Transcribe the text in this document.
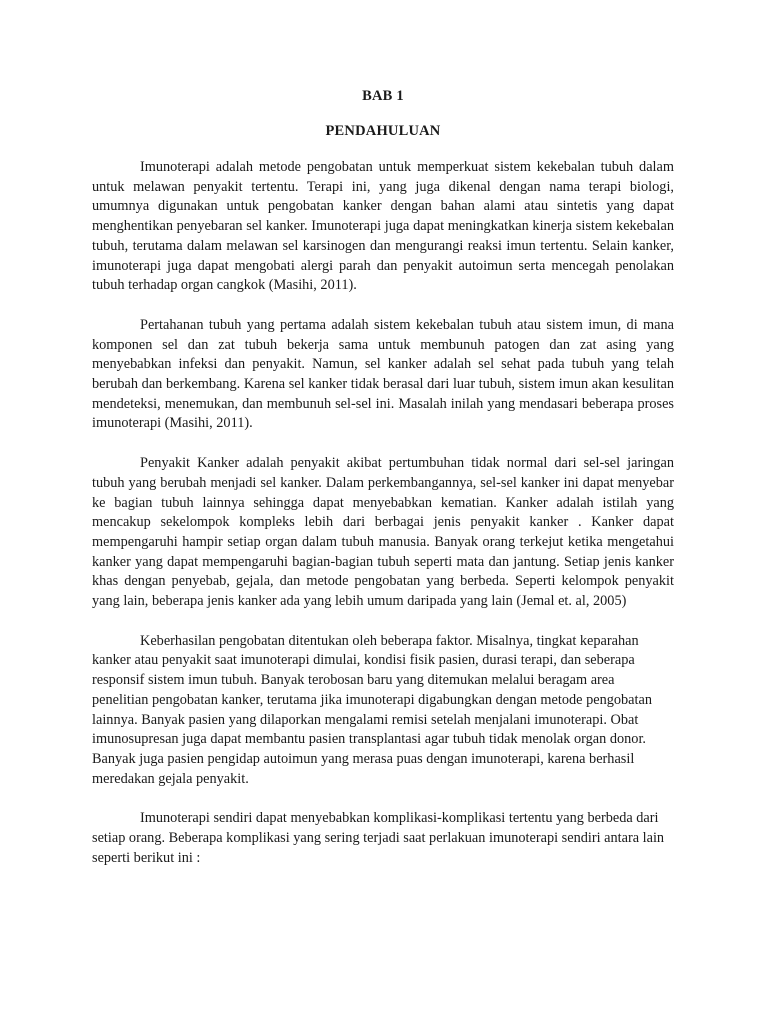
BAB 1
PENDAHULUAN

Imunoterapi adalah metode pengobatan untuk memperkuat sistem kekebalan tubuh dalam untuk melawan penyakit tertentu. Terapi ini, yang juga dikenal dengan nama terapi biologi, umumnya digunakan untuk pengobatan kanker dengan bahan alami atau sintetis yang dapat menghentikan penyebaran sel kanker. Imunoterapi juga dapat meningkatkan kinerja sistem kekebalan tubuh, terutama dalam melawan sel karsinogen dan mengurangi reaksi imun tertentu. Selain kanker, imunoterapi juga dapat mengobati alergi parah dan penyakit autoimun serta mencegah penolakan tubuh terhadap organ cangkok (Masihi, 2011).

Pertahanan tubuh yang pertama adalah sistem kekebalan tubuh atau sistem imun, di mana komponen sel dan zat tubuh bekerja sama untuk membunuh patogen dan zat asing yang menyebabkan infeksi dan penyakit. Namun, sel kanker adalah sel sehat pada tubuh yang telah berubah dan berkembang. Karena sel kanker tidak berasal dari luar tubuh, sistem imun akan kesulitan mendeteksi, menemukan, dan membunuh sel-sel ini. Masalah inilah yang mendasari beberapa proses imunoterapi (Masihi, 2011).

Penyakit Kanker adalah penyakit akibat pertumbuhan tidak normal dari sel-sel jaringan tubuh yang berubah menjadi sel kanker. Dalam perkembangannya, sel-sel kanker ini dapat menyebar ke bagian tubuh lainnya sehingga dapat menyebabkan kematian. Kanker adalah istilah yang mencakup sekelompok kompleks lebih dari berbagai jenis penyakit kanker . Kanker dapat mempengaruhi hampir setiap organ dalam tubuh manusia. Banyak orang terkejut ketika mengetahui kanker yang dapat mempengaruhi bagian-bagian tubuh seperti mata dan jantung. Setiap jenis kanker khas dengan penyebab, gejala, dan metode pengobatan yang berbeda. Seperti kelompok penyakit yang lain, beberapa jenis kanker ada yang lebih umum daripada yang lain (Jemal et. al, 2005)

Keberhasilan pengobatan ditentukan oleh beberapa faktor. Misalnya, tingkat keparahan kanker atau penyakit saat imunoterapi dimulai, kondisi fisik pasien, durasi terapi, dan seberapa responsif sistem imun tubuh. Banyak terobosan baru yang ditemukan melalui beragam area penelitian pengobatan kanker, terutama jika imunoterapi digabungkan dengan metode pengobatan lainnya. Banyak pasien yang dilaporkan mengalami remisi setelah menjalani imunoterapi. Obat imunosupresan juga dapat membantu pasien transplantasi agar tubuh tidak menolak organ donor. Banyak juga pasien pengidap autoimun yang merasa puas dengan imunoterapi, karena berhasil meredakan gejala penyakit.

Imunoterapi sendiri dapat menyebabkan komplikasi-komplikasi tertentu yang berbeda dari setiap orang. Beberapa komplikasi yang sering terjadi saat perlakuan imunoterapi sendiri antara lain seperti berikut ini :
